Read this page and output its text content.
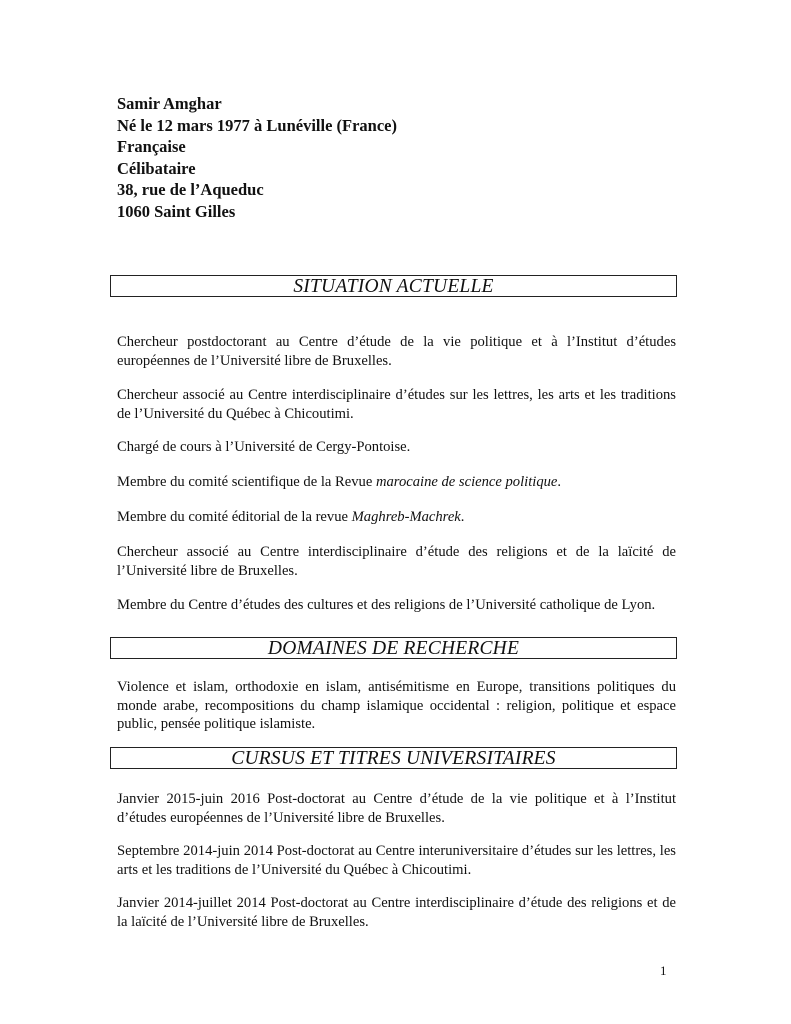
Samir Amghar
Né le 12 mars 1977 à Lunéville (France)
Française
Célibataire
38, rue de l’Aqueduc
1060 Saint Gilles
SITUATION ACTUELLE
Chercheur postdoctorant au Centre d’étude de la vie politique et à l’Institut d’études européennes de l’Université libre de Bruxelles.
Chercheur associé au Centre interdisciplinaire d’études sur les lettres, les arts et les traditions de l’Université du Québec à Chicoutimi.
Chargé de cours à l’Université de Cergy-Pontoise.
Membre du comité scientifique de la Revue marocaine de science politique.
Membre du comité éditorial de la revue Maghreb-Machrek.
Chercheur associé au Centre interdisciplinaire d’étude des religions et de la laïcité de l’Université libre de Bruxelles.
Membre du Centre d’études des cultures et des religions de l’Université catholique de Lyon.
DOMAINES DE RECHERCHE
Violence et islam, orthodoxie en islam, antisémitisme en Europe, transitions politiques du monde arabe, recompositions du champ islamique occidental : religion, politique et espace public, pensée politique islamiste.
CURSUS ET TITRES UNIVERSITAIRES
Janvier 2015-juin 2016 Post-doctorat au Centre d’étude de la vie politique et à l’Institut d’études européennes de l’Université libre de Bruxelles.
Septembre 2014-juin 2014 Post-doctorat au Centre interuniversitaire d’études sur les lettres, les arts et les traditions de l’Université du Québec à Chicoutimi.
Janvier 2014-juillet 2014 Post-doctorat au Centre interdisciplinaire d’étude des religions et de la laïcité de l’Université libre de Bruxelles.
1
